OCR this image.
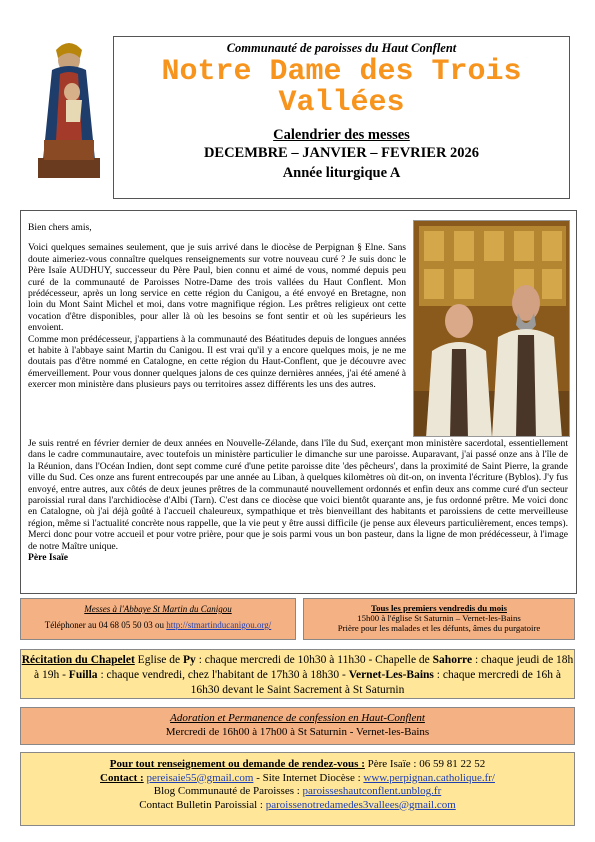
Communauté de paroisses du Haut Conflent
Notre Dame des Trois
Vallées
Calendrier des messes
DECEMBRE – JANVIER – FEVRIER 2026
Année liturgique A

Bien chers amis,

Voici quelques semaines seulement, que je suis arrivé dans le diocèse de Perpignan § Elne. Sans doute aimeriez-vous connaître quelques renseignements sur votre nouveau curé ? Je suis donc le Père Isaïe AUDHUY, successeur du Père Paul, bien connu et aimé de vous, nommé depuis peu curé de la communauté de Paroisses Notre-Dame des trois vallées du Haut Conflent. Mon prédécesseur, après un long service en cette région du Canigou, a été envoyé en Bretagne, non loin du Mont Saint Michel et moi, dans votre magnifique région. Les prêtres religieux ont cette vocation d'être disponibles, pour aller là où les besoins se font sentir et où les supérieurs les envoient.

Comme mon prédécesseur, j'appartiens à la communauté des Béatitudes depuis de longues années et habite à l'abbaye saint Martin du Canigou. Il est vrai qu'il y a encore quelques mois, je ne me doutais pas d'être nommé en Catalogne, en cette région du Haut-Conflent, que je découvre avec émerveillement. Pour vous donner quelques jalons de ces quinze dernières années, j'ai été amené à exercer mon ministère dans plusieurs pays ou territoires assez différents les uns des autres.

Je suis rentré en février dernier de deux années en Nouvelle-Zélande, dans l'île du Sud, exerçant mon ministère sacerdotal, essentiellement dans le cadre communautaire, avec toutefois un ministère particulier le dimanche sur une paroisse. Auparavant, j'ai passé onze ans à l'île de la Réunion, dans l'Océan Indien, dont sept comme curé d'une petite paroisse dite 'des pêcheurs', dans la proximité de Saint Pierre, la grande ville du Sud. Ces onze ans furent entrecoupés par une année au Liban, à quelques kilomètres où dit-on, on inventa l'écriture (Byblos). J'y fus envoyé, entre autres, aux côtés de deux jeunes prêtres de la communauté nouvellement ordonnés et enfin deux ans comme curé d'un secteur paroissial rural dans l'archidiocèse d'Albi (Tarn). C'est dans ce diocèse que voici bientôt quarante ans, je fus ordonné prêtre. Me voici donc en Catalogne, où j'ai déjà goûté à l'accueil chaleureux, sympathique et très bienveillant des habitants et paroissiens de cette merveilleuse région, même si l'actualité concrète nous rappelle, que la vie peut y être aussi difficile (je pense aux éleveurs particulièrement, ences temps). Merci donc pour votre accueil et pour votre prière, pour que je sois parmi vous un bon pasteur, dans la ligne de mon prédécesseur, à l'image de notre Maître unique.

Père Isaïe

Messes à l'Abbaye St Martin du Canigou
Téléphoner au 04 68 05 50 03 ou http://stmartinducanigou.org/
Tous les premiers vendredis du mois
15h00 à l'église St Saturnin – Vernet-les-Bains
Prière pour les malades et les défunts, âmes du purgatoire
Récitation du Chapelet Eglise de Py : chaque mercredi de 10h30 à 11h30 - Chapelle de Sahorre : chaque jeudi de 18h à 19h - Fuilla : chaque vendredi, chez l'habitant de 17h30 à 18h30 - Vernet-Les-Bains : chaque mercredi de 16h à 16h30 devant le Saint Sacrement à St Saturnin
Adoration et Permanence de confession en Haut-Conflent
Mercredi de 16h00 à 17h00 à St Saturnin - Vernet-les-Bains
Pour tout renseignement ou demande de rendez-vous : Père Isaïe : 06 59 81 22 52
Contact : pereisaie55@gmail.com - Site Internet Diocèse : www.perpignan.catholique.fr/
Blog Communauté de Paroisses : paroisseshautconflent.unblog.fr
Contact Bulletin Paroissial : paroissenotredamedes3vallees@gmail.com
